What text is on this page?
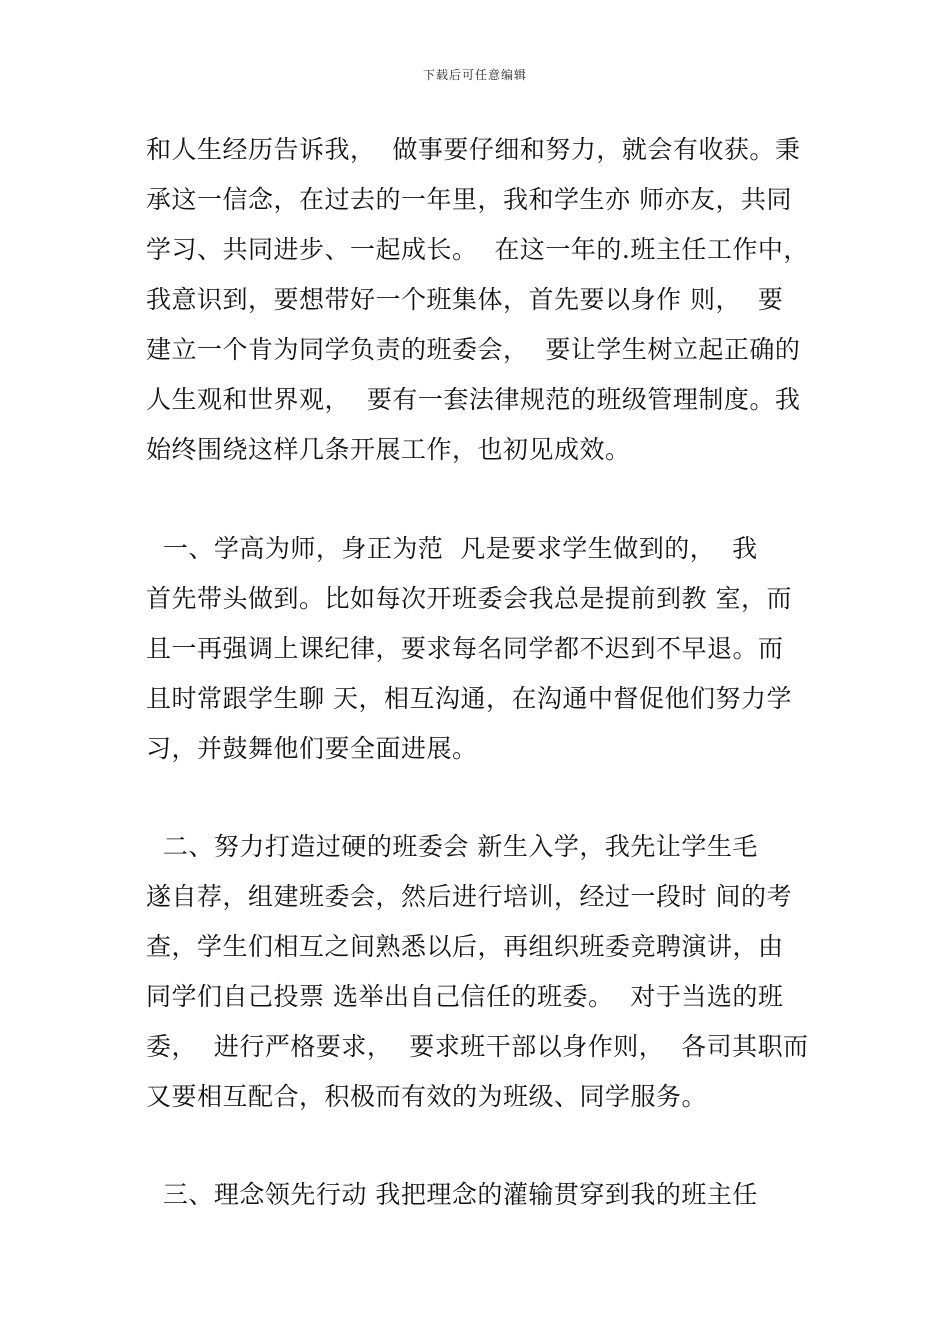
下载后可任意编辑
和人生经历告诉我，  做事要仔细和努力，就会有收获。秉
承这一信念，在过去的一年里，我和学生亦 师亦友，共同
学习、共同进步、一起成长。  在这一年的.班主任工作中，
我意识到，要想带好一个班集体，首先要以身作 则，  要
建立一个肯为同学负责的班委会，  要让学生树立起正确的
人生观和世界观，  要有一套法律规范的班级管理制度。我
始终围绕这样几条开展工作，也初见成效。
一、学高为师，身正为范  凡是要求学生做到的，  我
首先带头做到。比如每次开班委会我总是提前到教 室，而
且一再强调上课纪律，要求每名同学都不迟到不早退。而
且时常跟学生聊 天，相互沟通，在沟通中督促他们努力学
习，并鼓舞他们要全面进展。
二、努力打造过硬的班委会 新生入学，我先让学生毛
遂自荐，组建班委会，然后进行培训，经过一段时 间的考
查，学生们相互之间熟悉以后，再组织班委竞聘演讲，由
同学们自己投票 选举出自己信任的班委。  对于当选的班
委，  进行严格要求，  要求班干部以身作则，  各司其职而
又要相互配合，积极而有效的为班级、同学服务。
三、理念领先行动 我把理念的灌输贯穿到我的班主任
